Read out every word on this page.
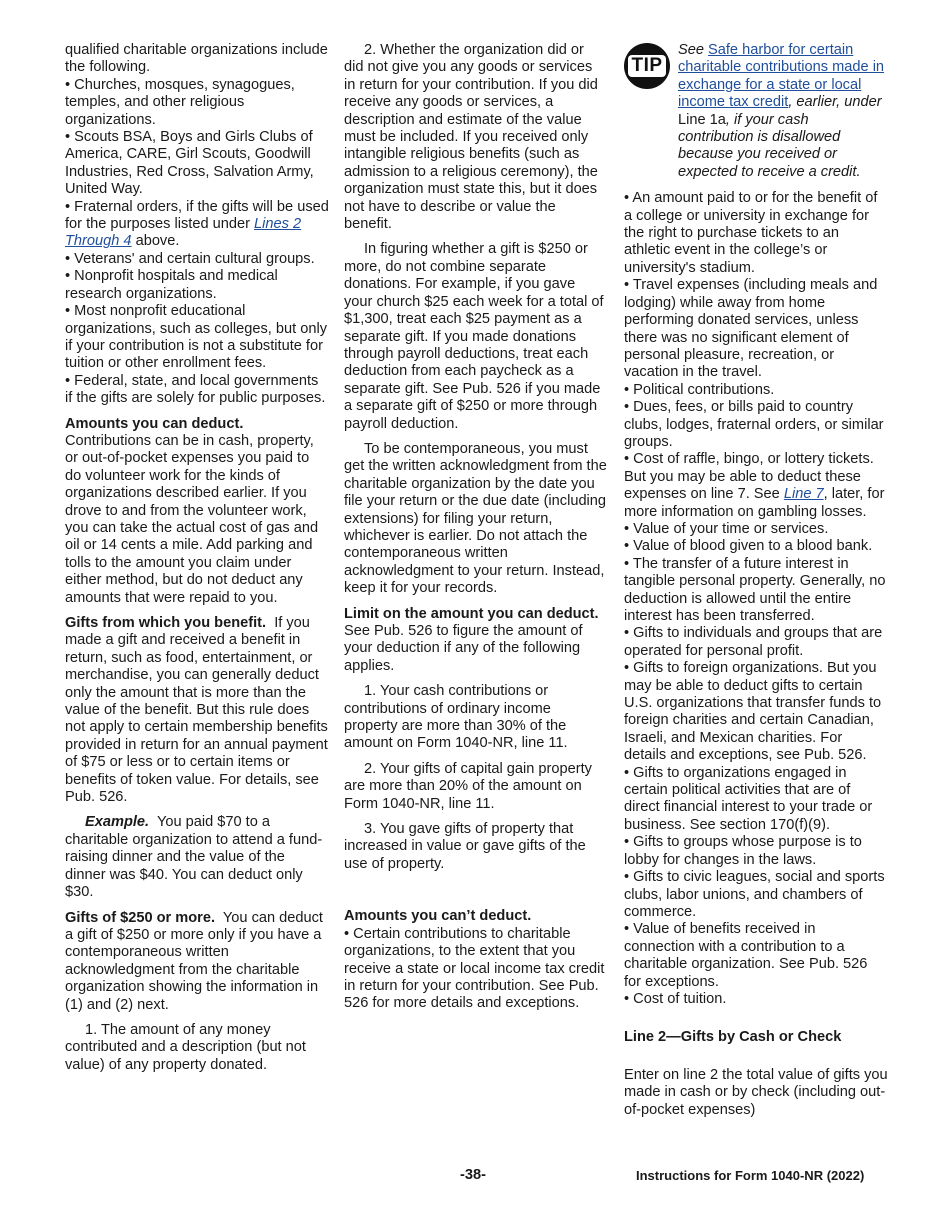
qualified charitable organizations include the following.

• Churches, mosques, synagogues, temples, and other religious organizations.

• Scouts BSA, Boys and Girls Clubs of America, CARE, Girl Scouts, Goodwill Industries, Red Cross, Salvation Army, United Way.

• Fraternal orders, if the gifts will be used for the purposes listed under Lines 2 Through 4 above.

• Veterans' and certain cultural groups.

• Nonprofit hospitals and medical research organizations.

• Most nonprofit educational organizations, such as colleges, but only if your contribution is not a substitute for tuition or other enrollment fees.

• Federal, state, and local governments if the gifts are solely for public purposes.

Amounts you can deduct.

Contributions can be in cash, property, or out-of-pocket expenses you paid to do volunteer work for the kinds of organizations described earlier. If you drove to and from the volunteer work, you can take the actual cost of gas and oil or 14 cents a mile. Add parking and tolls to the amount you claim under either method, but do not deduct any amounts that were repaid to you.

Gifts from which you benefit. If you made a gift and received a benefit in return, such as food, entertainment, or merchandise, you can generally deduct only the amount that is more than the value of the benefit. But this rule does not apply to certain membership benefits provided in return for an annual payment of $75 or less or to certain items or benefits of token value. For details, see Pub. 526.

Example. You paid $70 to a charitable organization to attend a fund-raising dinner and the value of the dinner was $40. You can deduct only $30.

Gifts of $250 or more. You can deduct a gift of $250 or more only if you have a contemporaneous written acknowledgment from the charitable organization showing the information in (1) and (2) next.

1. The amount of any money contributed and a description (but not value) of any property donated.

2. Whether the organization did or did not give you any goods or services in return for your contribution. If you did receive any goods or services, a description and estimate of the value must be included. If you received only intangible religious benefits (such as admission to a religious ceremony), the organization must state this, but it does not have to describe or value the benefit.

In figuring whether a gift is $250 or more, do not combine separate donations. For example, if you gave your church $25 each week for a total of $1,300, treat each $25 payment as a separate gift. If you made donations through payroll deductions, treat each deduction from each paycheck as a separate gift. See Pub. 526 if you made a separate gift of $250 or more through payroll deduction.

To be contemporaneous, you must get the written acknowledgment from the charitable organization by the date you file your return or the due date (including extensions) for filing your return, whichever is earlier. Do not attach the contemporaneous written acknowledgment to your return. Instead, keep it for your records.

Limit on the amount you can deduct.  See Pub. 526 to figure the amount of your deduction if any of the following applies.

1. Your cash contributions or contributions of ordinary income property are more than 30% of the amount on Form 1040-NR, line 11.

2. Your gifts of capital gain property are more than 20% of the amount on Form 1040-NR, line 11.

3. You gave gifts of property that increased in value or gave gifts of the use of property.

Amounts you can’t deduct.

• Certain contributions to charitable organizations, to the extent that you receive a state or local income tax credit in return for your contribution. See Pub. 526 for more details and exceptions.

TIP
See Safe harbor for certain charitable contributions made in exchange for a state or local income tax credit, earlier, under Line 1a, if your cash contribution is disallowed because you received or expected to receive a credit.

• An amount paid to or for the benefit of a college or university in exchange for the right to purchase tickets to an athletic event in the college’s or university's stadium.

• Travel expenses (including meals and lodging) while away from home performing donated services, unless there was no significant element of personal pleasure, recreation, or vacation in the travel.

• Political contributions.

• Dues, fees, or bills paid to country clubs, lodges, fraternal orders, or similar groups.

• Cost of raffle, bingo, or lottery tickets. But you may be able to deduct these expenses on line 7. See Line 7, later, for more information on gambling losses.

• Value of your time or services.

• Value of blood given to a blood bank.

• The transfer of a future interest in tangible personal property. Generally, no deduction is allowed until the entire interest has been transferred.

• Gifts to individuals and groups that are operated for personal profit.

• Gifts to foreign organizations. But you may be able to deduct gifts to certain U.S. organizations that transfer funds to foreign charities and certain Canadian, Israeli, and Mexican charities. For details and exceptions, see Pub. 526.

• Gifts to organizations engaged in certain political activities that are of direct financial interest to your trade or business. See section 170(f)(9).

• Gifts to groups whose purpose is to lobby for changes in the laws.

• Gifts to civic leagues, social and sports clubs, labor unions, and chambers of commerce.

• Value of benefits received in connection with a contribution to a charitable organization. See Pub. 526 for exceptions.

• Cost of tuition.

Line 2—Gifts by Cash or Check

Enter on line 2 the total value of gifts you made in cash or by check (including out-of-pocket expenses)

-38-	Instructions for Form 1040-NR (2022)
